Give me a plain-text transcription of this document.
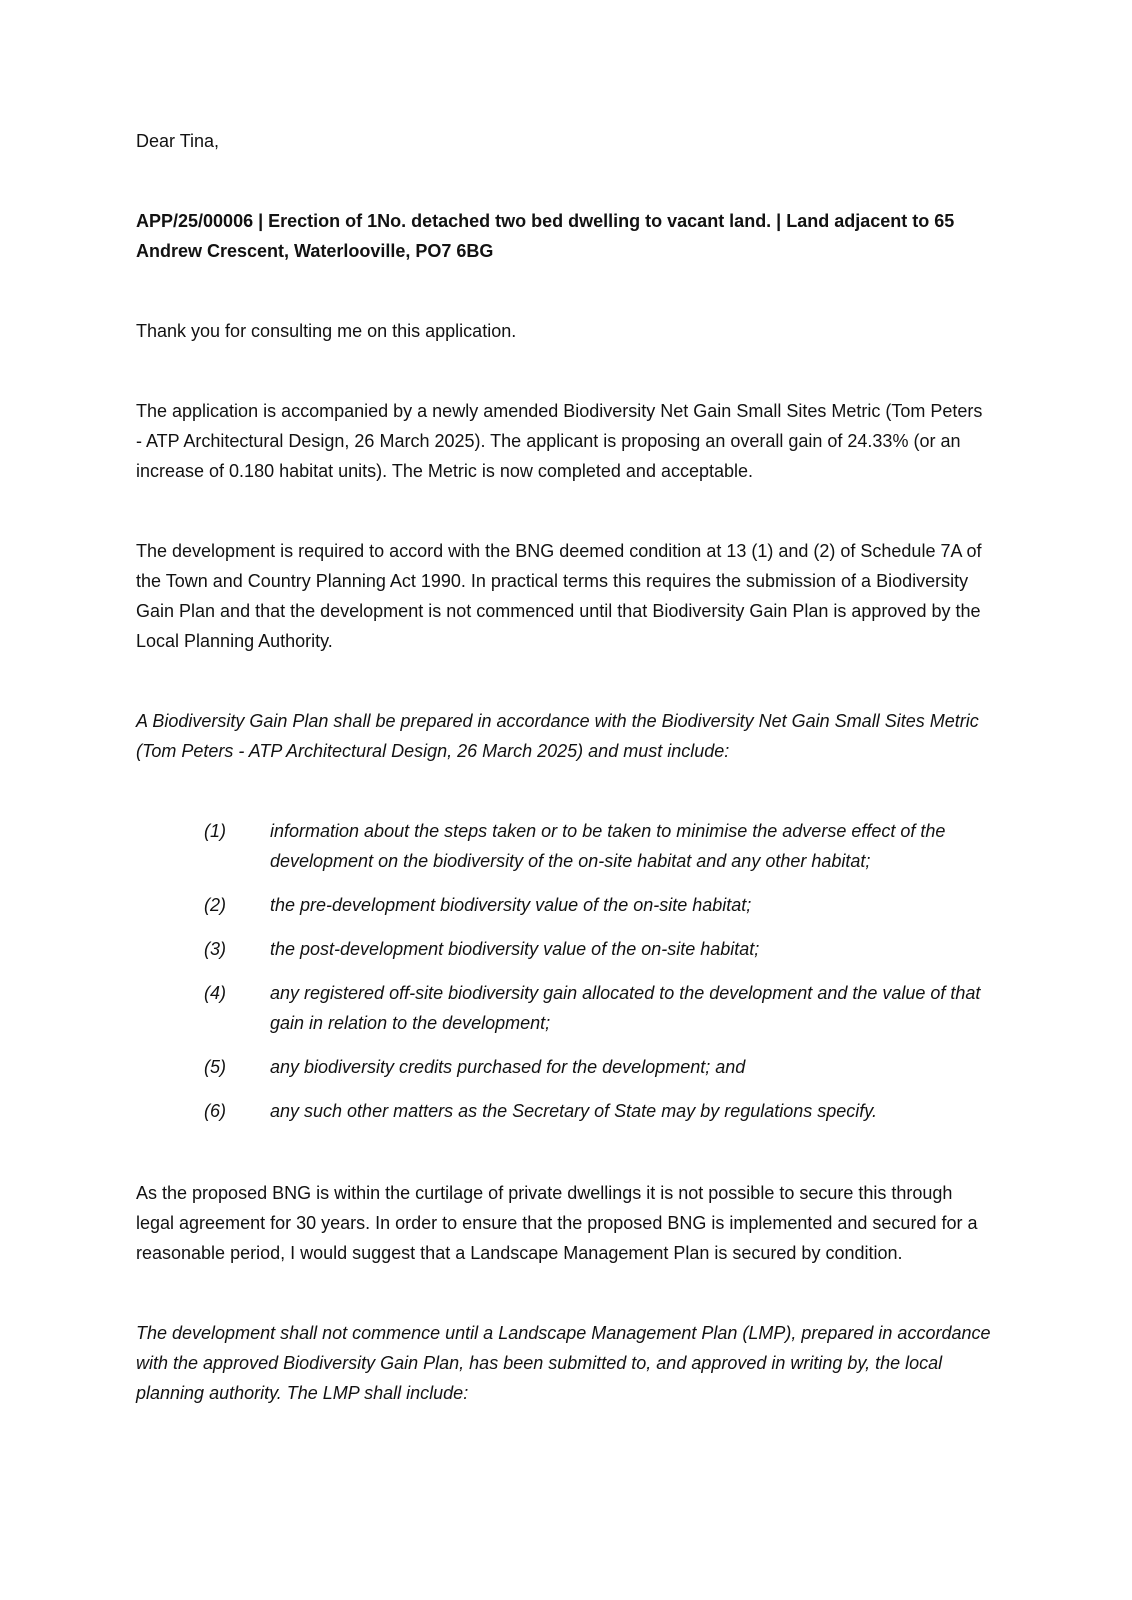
Dear Tina,

APP/25/00006 | Erection of 1No. detached two bed dwelling to vacant land. | Land adjacent to 65 Andrew Crescent, Waterlooville, PO7 6BG

Thank you for consulting me on this application.

The application is accompanied by a newly amended Biodiversity Net Gain Small Sites Metric (Tom Peters - ATP Architectural Design, 26 March 2025). The applicant is proposing an overall gain of 24.33% (or an increase of 0.180 habitat units). The Metric is now completed and acceptable.

The development is required to accord with the BNG deemed condition at 13 (1) and (2) of Schedule 7A of the Town and Country Planning Act 1990. In practical terms this requires the submission of a Biodiversity Gain Plan and that the development is not commenced until that Biodiversity Gain Plan is approved by the Local Planning Authority.

A Biodiversity Gain Plan shall be prepared in accordance with the Biodiversity Net Gain Small Sites Metric (Tom Peters - ATP Architectural Design, 26 March 2025) and must include:

(1)	information about the steps taken or to be taken to minimise the adverse effect of the development on the biodiversity of the on-site habitat and any other habitat;
(2)	the pre-development biodiversity value of the on-site habitat;
(3)	the post-development biodiversity value of the on-site habitat;
(4)	any registered off-site biodiversity gain allocated to the development and the value of that gain in relation to the development;
(5)	any biodiversity credits purchased for the development; and
(6)	any such other matters as the Secretary of State may by regulations specify.

As the proposed BNG is within the curtilage of private dwellings it is not possible to secure this through legal agreement for 30 years. In order to ensure that the proposed BNG is implemented and secured for a reasonable period, I would suggest that a Landscape Management Plan is secured by condition.

The development shall not commence until a Landscape Management Plan (LMP), prepared in accordance with the approved Biodiversity Gain Plan, has been submitted to, and approved in writing by, the local planning authority. The LMP shall include:
